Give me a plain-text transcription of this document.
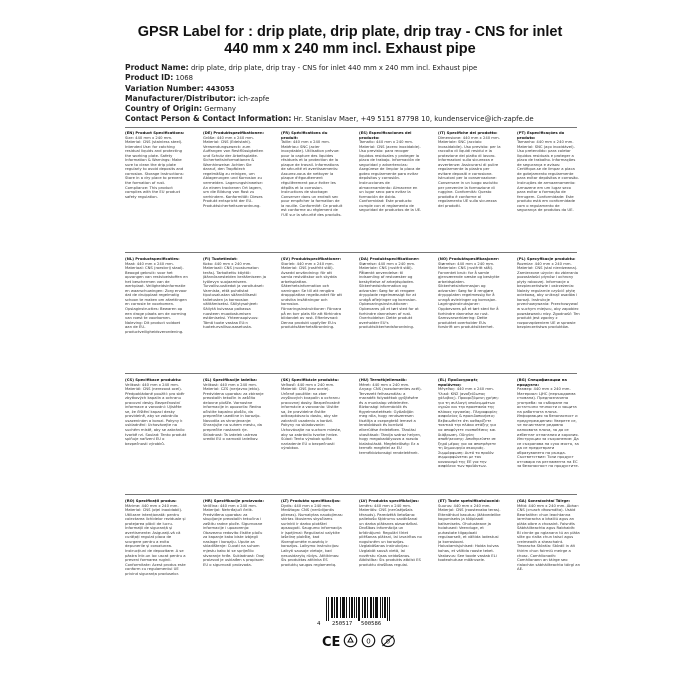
GPSR Label for : drip plate, drip plate, drip tray - CNS for inlet
440 mm x 240 mm incl. Exhaust pipe
Product Name: drip plate, drip plate, drip tray - CNS for inlet 440 mm x 240 mm incl. Exhaust pipe
Product ID: 1068
Variation Number: 443053
Manufacturer/Distributor: ich-zapfe
Country of Origin: Germany
Contact Person & Contact Information: Hr. Stanislav Maer, +49 5151 87798 10, kundenservice@ich-zapfe.de

(EN) Product Specifications:

Size: 440 mm x 240 mm. Material: CNS (stainless steel). Intended Use: for catching residual liquids and protecting the working plate. Safety Information & Warnings: Make sure to clean the drip plate regularly to avoid deposits and corrosion. Storage Instructions: Store in a dry place to prevent the formation of rust. Compliance: This product complies with the EU product safety regulation.

(DE) Produktspezifikationen:

Größe: 440 mm x 240 mm. Material: CNS (Edelstahl). Verwendungszweck: zum Auffangen von Restflüssigkeiten und Schutz der Arbeitsplatte. Sicherheitsinformationen & Warnhinweise: Achten Sie darauf, den Tropfblech regelmäßig zu reinigen, um Ablagerungen und Korrosion zu vermeiden. Lagerungshinweise: An einem trockenen Ort lagern, um die Bildung von Rost zu verhindern. Konformität: Dieses Produkt entspricht der EU-Produktsicherheitsverordnung.

(FR) Spécifications du produit:

Taille: 440 mm x 240 mm. Matériau: SNC (acier inoxydable). Utilisation prévue: pour la capture des liquides résiduels et la protection de la plaque de travail. Informations de sécurité et avertissements: Assurez-vous de nettoyer la plaque d'égouttement régulièrement pour éviter les dépôts et la corrosion. Instructions de stockage: Conserver dans un endroit sec pour empêcher la formation de la rouille. Conformité: Ce produit est conforme au règlement de l'UE sur la sécurité des produits.

(ES) Especificaciones del producto:

Tamaño: 440 mm x 240 mm. Material: CNS (acero inoxidable). Uso previsto: para recoger líquidos residuales y proteger la placa de trabajo. Información de seguridad y advertencias: Asegúrese de limpiar la placa de goteo regularmente para evitar depósitos y corrosión. Instrucciones de almacenamiento: Almacene en un lugar seco para evitar la formación de óxido. Conformidad: Este producto cumple con el reglamento de seguridad de productos de la UE.

(IT) Specifiche del prodotto:

Dimensione: 440 mm x 240 mm. Materiale: SNC (acciaio inossidabile). Uso previsto: per la raccolta di liquidi residui e la protezione del piatto di lavoro. Informazioni sulla sicurezza e avvertenze: Assicurarsi di pulire regolarmente la piastra per evitare depositi e corrosione. Istruzioni per la conservazione: Conservare in un luogo asciutto per prevenire la formazione di ruggine. Conformità: Questo prodotto è conforme al regolamento UE sulla sicurezza dei prodotti.

(PT) Especificações do produto:

Tamanho: 440 mm x 240 mm. Material: SNC (aço inoxidável). Uso pretendido: para coletar líquidos residuais e proteger a placa de trabalho. Informações de segurança e avisos: Certifique-se de limpar a placa de gotejamento regularmente para evitar depósitos e corrosão. Instruções de armazenamento: Armazene em um lugar seco para evitar a formação de ferrugem. Conformidade: Este produto está em conformidade com o regulamento de segurança de produtos da UE.

(NL) Productspecificaties:

Maat: 440 mm x 240 mm. Materiaal: CNS (roestvrij staal). Beoogd gebruik: voor het opvangen van restvloeistoffen en het beschermen van de werkplaat. Veiligheidsinformatie en waarschuwingen: Zorg ervoor dat de druipplaat regelmatig schoon te maken om afzettingen en corrosie te voorkomen. Opslaginstructies: Bewaren op een droge plaats om de vorming van roest te voorkomen. Naleving: Dit product voldoet aan de EU-productveiligheidsverordening.

(FI) Tuotetiedot:

Koko: 440 mm x 240 mm. Materiaali: CNS (ruostumaton teräs). Tarkoitettu käyttö: jäännösnesteiden keräämiseen ja työlevyn suojaamiseen. Turvallisuustiedot ja varoitukset: Varmista, että puhdistat tiputusalustan säännöllisesti talletusten ja korroosion välttämiseksi. Säilytysohjeet: Säilytä kuivassa paikassa ruosteen muodostumisen estämiseksi. Yhteensopivuus: Tämä tuote vastaa EU:n tuoteturvallisuusasetusta.

(SV) Produktspecifikationer:

Storlek: 440 mm x 240 mm. Material: CNS (rostfritt stål). Avsedd användning: för att samla restvätskor och skydda arbetsplattan. Säkerhetsinformation och varningar: Se till att rengöra droppplattan regelbundet för att undvika insättningar och korrosion. Förvaringsinstruktioner: Förvara på en torr plats för att förhindra bildandet av rost. Efterlevnad: Denna produkt uppfyller EU:s produktsäkerhetsförordning.

(DA) Produktspecifikationer:

Størrelse: 440 mm x 240 mm. Materiale: CNS (rustfrit stål). Påtænkt anvendelse: til indsamling af restvæsker og beskyttelse af arbejdspladen. Sikkerhedsinformation og advarsler: Sørg for at rengøre drypplade regelmæssigt for at undgå aflejringer og korrosion. Opbevaringsinstruktioner: Opbevares på et tørt sted for at forhindre dannelsen af rust. Overholdelse: Dette produkt overholder EU's produktsikkerhedsforordning.

(NO) Produktspesifikasjoner:

Størrelse: 440 mm x 240 mm. Materiale: CNS (rustfritt stål). Forventet bruk: for å samle gjenværende væske og beskytte arbeidsplaten. Sikkerhetsinformasjon og advarsler: Sørg for å rengjøre dryppplaten regelmessig for å unngå avleiringer og korrosjon. Lagringsinstruksjoner: Oppbevares på et tørt sted for å forhindre dannelse av rust. Samsvarserklæring: Dette produktet overholder EUs forskrift om produktsikkerhet.

(PL) Specyfikacje produktu:

Rozmiar: 440 mm x 240 mm. Materiał: CNS (stal nierdzewna). Zamierzone użycie: do zbierania pozostałości płynów i ochrony płyty roboczej. Informacje o bezpieczeństwie i ostrzeżenia: Należy regularnie czyścić płytę ociekową, aby uniknąć osadów i korozji. Instrukcje przechowywania: Przechowywać w suchym miejscu, aby zapobiec powstawaniu rdzy. Zgodność: Ten produkt jest zgodny z rozporządzeniem UE w sprawie bezpieczeństwa produktów.

(CS) Specifikace produktu:

Velikost: 440 mm x 240 mm. Materiál: CNS (nerezová ocel). Předpokládané použití: pro sběr zbytkových kapalin a ochranu pracovní desky. Bezpečnostní informace a varování: Ujistěte se, že čištění kapací desky pravidelně, aby se zabránilo usazeninám a korozi. Pokyny k uskladnění: Uchovávejte na suchém místě, aby se zabránilo tvorbě rzi. Soulad: Tento produkt splňuje nařízení EU o bezpečnosti výrobků.

(SL) Specifikacije izdelka:

Velikost: 440 mm x 240 mm. Material: CZS (nerjavno jeklo). Predvidena uporaba: za zbiranje preostalih tekočin in zaščito delovne plošče. Varnostne informacije in opozorila: Redno očistite kapalno ploščo, da preprečite usedline in korozijo. Navodila za shranjevanje: Shranjujte na suhem mestu, da preprečite nastanek rje. Skladnost: Ta izdelek ustreza uredbi EU o varnosti izdelkov.

(SK) Špecifikácie produktu:

Veľkosť: 440 mm x 240 mm. Materiál: CNS (bez ocele). Určené použitie: na zber zvyškových kvapalín a ochranu pracovnej dosky. Bezpečnostné informácie a varovania: Uistite sa, že pravidelne čistíte odkvapkávaciu dosku, aby ste zabránili usadeniu a korózii. Pokyny na skladovanie: Uchovávajte na suchom mieste, aby sa zabránilo tvorbe hrdze. Súlad: Tento výrobok spĺňa nariadenie EÚ o bezpečnosti výrobkov.

(HU) Termékjellemzők:

Méret: 440 mm x 240 mm. Anyag: CNS (rozsdamentes acél). Tervezett felhasználás: a maradék folyadékok gyűjtésére és a munkalap védelmére. Biztonsági információk és figyelmeztetések: Győződjön meg róla, hogy rendszeresen tisztítja a csepegtető lemezt a lerakódások és korrózió elkerülése érdekében. Tárolási utasítások: Tárolja száraz helyen, hogy megakadályozza a rozsda kialakulását. Megfelelőség: Ez a termék megfelel az EU termékbiztonsági rendeletének.

(EL) Προδιαγραφές προϊόντος:

Μέγεθος: 440 mm x 240 mm. Υλικό: ΚΝΣ (ανοξείδωτος χάλυβας). Προοριζόμενη χρήση: για τη συλλογή υπολειμμάτων υγρών και την προστασία της πλάκας εργασίας. Πληροφορίες ασφαλείας & προειδοποιήσεις: Βεβαιωθείτε ότι καθαρίζετε τακτικά την πλάκα στάξης για να αποφύγετε εναποθέσεις και διάβρωση. Οδηγίες αποθήκευσης: Αποθηκεύστε σε ξηρό μέρος για να αποτρέψετε τη δημιουργία σκουριάς. Συμμόρφωση: Αυτό το προϊόν συμμορφώνεται με τον κανονισμό της ΕΕ για την ασφάλεια των προϊόντων.

(BG) Спецификации на продукта:

Размер: 440 mm x 240 mm. Материал: ЦНС (неръждаема стомана). Предназначена употреба: за събиране на остатъчни течности и защита на работната плоча. Информация за безопасност и предупреждения: Уверете се, че почиствате редовно капковата плоча, за да се избегнат отлагания и корозия. Инструкции за съхранение: Да се съхранява на сухо място, за да се предотврати образуването на ръжда. Съответствие: Този продукт отговаря на регламента на ЕС за безопасност на продуктите.

(RO) Specificații produs:

Mărime: 440 mm x 240 mm. Material: CNS (oțel inoxidabil). Utilizare intenționată: pentru colectarea lichidelor reziduale și protejarea plăcii de lucru. Informații de siguranță și avertismente: Asigurați-vă că curățați regulat placa de scurgere pentru a evita depunerile și coroziunea. Instrucțiuni de depozitare: A se păstra într-un loc uscat pentru a preveni formarea ruginii. Conformitate: Acest produs este conform cu regulamentul UE privind siguranța produselor.

(HR) Specifikacije proizvoda:

Veličina: 440 mm x 240 mm. Materijal: Nehrđajući čelik. Predviđena uporaba: za skupljanje preostalih tekućina i zaštitu radne ploče. Sigurnosne informacije i upozorenja: Obavezno redovito čistite ploču za kapanje kako biste izbjegli naslage i koroziju. Upute za skladištenje: Čuvati na suhom mjestu kako bi se spriječilo stvaranje hrđe. Sukladnost: Ovaj proizvod je usklađen s propisom EU o sigurnosti proizvoda.

(LT) Produkto specifikacijos:

Dydis: 440 mm x 240 mm. Medžiaga: CNS (nerūdijantis plienas). Numatytas naudojimas: skirtas likusiems skysčiams surinkti ir darbo plokštei apsaugoti. Saugumo informacija ir įspėjimai: Reguliariai valykite lašelinę plokštę, kad išvengtumėte nuosėdų ir korozijos. Laikymo instrukcijos: Laikyti sausoje vietoje, kad nesusidarytų rūdys. Atitikimas: Šis produktas atitinka ES produktų saugos reglamentą.

(LV) Produkta specifikācijas:

Izmērs: 440 mm x 240 mm. Materiāls: CNS (nerūsējošais tērauds). Paredzētā lietošana: paliekošo šķidrumu savākšanai un darba plāksnes aizsardzībai. Drošības informācija un brīdinājumi: Regulāri tīriet pilēšanas plāksni, lai izvairītos no nogulsnēm un korozijas. Uzglabāšanas instrukcijas: Uzglabāt sausā vietā, lai novērstu rūsas veidošanos. Atbilstība: Šis produkts atbilst ES produktu drošības regulai.

(ET) Toote spetsifikatsioonid:

Suurus: 440 mm x 240 mm. Materjal: CNS (roostevaba teras). Ettenähtud kasutus: jääkvedelike kogumiseks ja tööplaadi kaitsmiseks. Ohutusteave ja hoiatused: Veenduge, et puhastate tilgaplaati regulaarselt, et vältida ladestusi ja korrosiooni. Hoiustamisjuhised: Hoida kuivas kohas, et vältida rooste teket. Vastavus: See toode vastab ELi tooteohutuse määrusele.

(GA) Sonraíochtaí Táirge:

Méid: 440 mm x 240 mm. Ábhar: CNS (cruach dhosmálta). Úsáid Beartaithe: chun leachtanna iarmharacha a bhailiú agus an pláta oibre a chosaint. Faisnéis Sábháilteachta agus Rabhaidh: Bí cinnte go nglanann tú an pláta silte go rialta chun taiscí agus creimeadh a sheachaint. Treoracha Stórála: Stóráil in áit thirim chun foirmiú meirge a chosc. Comhlíonadh: Comhlíonann an táirge seo rialachán sábháilteachta táirgí an AE.

4 250517 500586
CE	0 0
